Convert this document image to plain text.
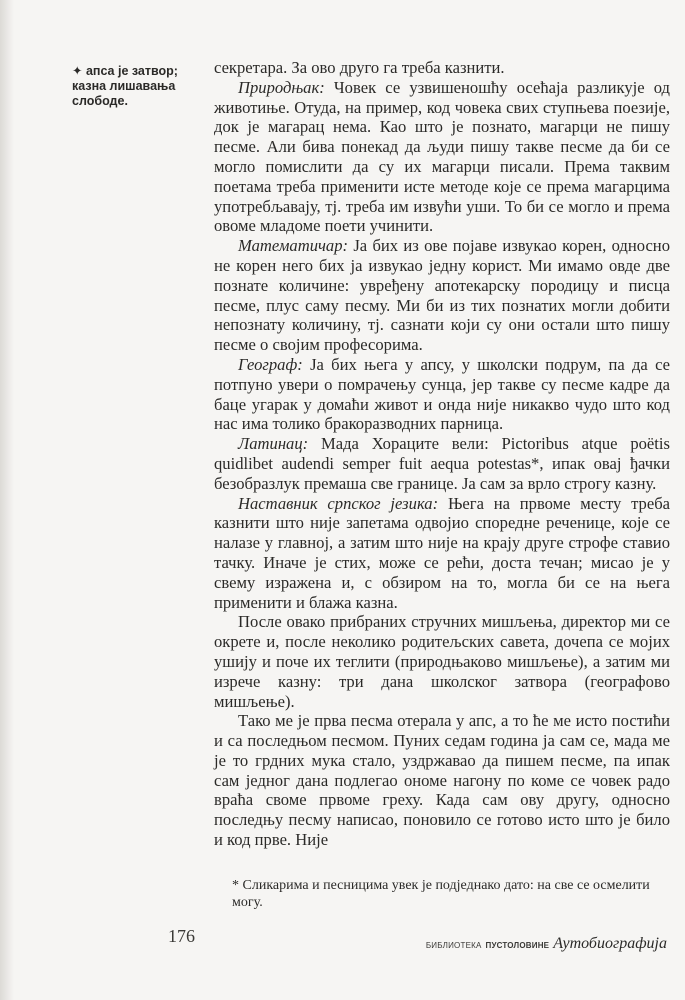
✦ апса је затвор; казна лишавања слободе.

секретара. За ово друго га треба казнити.

Природњак: Човек се узвишеношћу осећаја разликује од животиње. Отуда, на пример, код човека свих ступњева поезије, док је магарац нема. Као што је познато, магарци не пишу песме. Али бива понекад да људи пишу такве песме да би се могло помислити да су их магарци писали. Према таквим поетама треба применити исте методе које се према магарцима употребљавају, тј. треба им извући уши. То би се могло и према овоме младоме поети учинити.

Математичар: Ја бих из ове појаве извукао корен, односно не корен него бих ја извукао једну корист. Ми имамо овде две познате количине: увређену апотекарску породицу и писца песме, плус саму песму. Ми би из тих познатих могли добити непознату количину, тј. сазнати који су они остали што пишу песме о својим професорима.

Географ: Ја бих њега у апсу, у школски подрум, па да се потпуно увери о помрачењу сунца, јер такве су песме кадре да баце угарак у домаћи живот и онда није никакво чудо што код нас има толико бракоразводних парница.

Латинац: Мада Хораците вели: Pictoribus atque poëtis quidlibet audendi semper fuit aequa potestas*, ипак овај ђачки безобразлук премаша све границе. Ја сам за врло строгу казну.

Наставник српског језика: Њега на првоме месту треба казнити што није запетама одвојио споредне реченице, које се налазе у главној, а затим што није на крају друге строфе ставио тачку. Иначе је стих, може се рећи, доста течан; мисао је у свему изражена и, с обзиром на то, могла би се на њега применити и блажа казна.

После овако прибраних стручних мишљења, директор ми се окрете и, после неколико родитељских савета, дочепа се мојих ушију и поче их теглити (природњаково мишљење), а затим ми изрече казну: три дана школског затвора (географово мишљење).

Тако ме је прва песма отерала у апс, а то ће ме исто постићи и са последњом песмом. Пуних седам година ја сам се, мада ме је то грдних мука стало, уздржавао да пишем песме, па ипак сам једног дана подлегао ономе нагону по коме се човек радо враћа своме првоме греху. Када сам ову другу, односно последњу песму написао, поновило се готово исто што је било и код прве. Није

* Сликарима и песницима увек је подједнако дато: на све се осмелити могу.
176	БИБЛИОТЕКА ПУСТОЛОВИНЕ Аутобиографија
